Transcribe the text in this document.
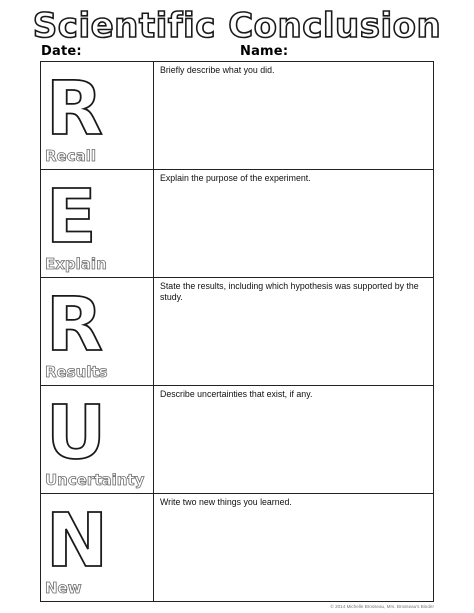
Scientific Conclusion
Date:	Name:
R
Recall	Briefly describe what you did.

E
Explain	Explain the purpose of the experiment.

R
Results	State the results, including which hypothesis was supported by the study.

U
Uncertainty	Describe uncertainties that exist, if any.

N
New	Write two new things you learned.
© 2014 Michelle Brosseau, Mrs. Brosseau's Binder
